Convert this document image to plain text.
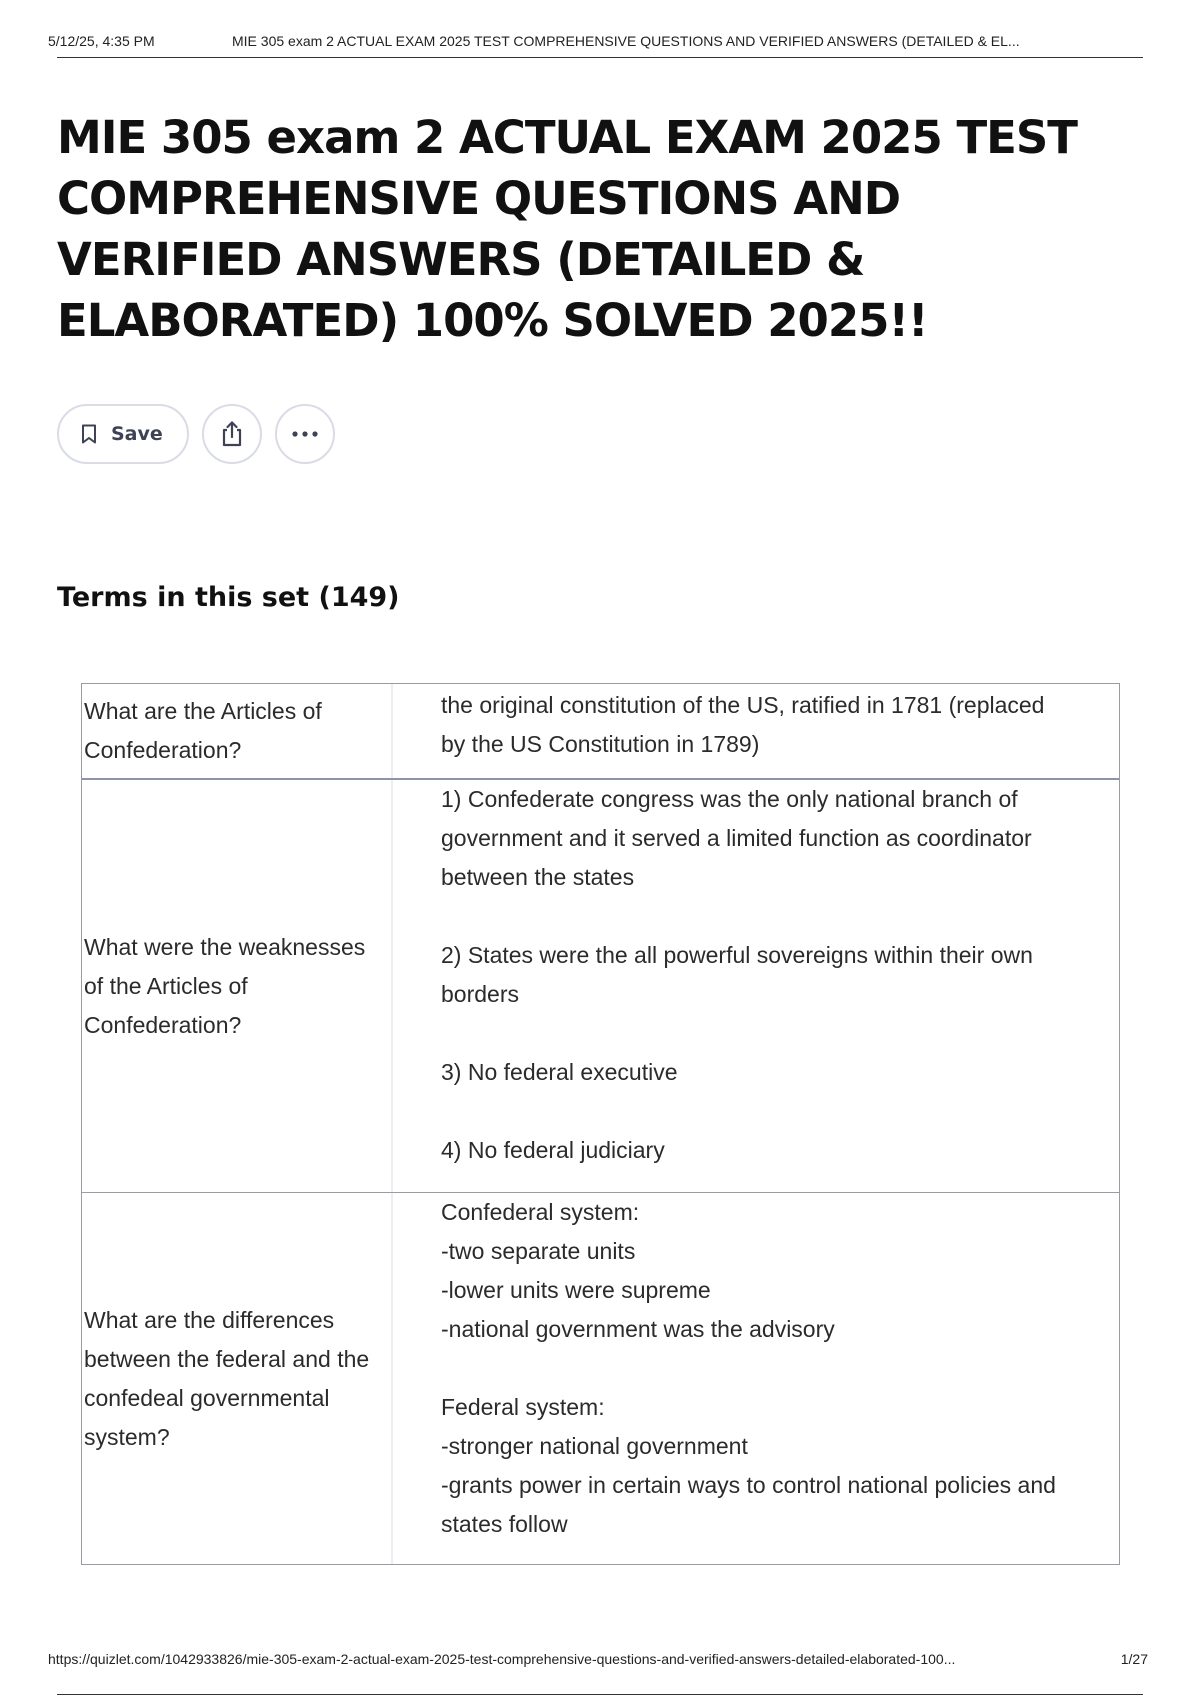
5/12/25, 4:35 PM	MIE 305 exam 2 ACTUAL EXAM 2025 TEST COMPREHENSIVE QUESTIONS AND VERIFIED ANSWERS (DETAILED & EL...
MIE 305 exam 2 ACTUAL EXAM 2025 TEST COMPREHENSIVE QUESTIONS AND VERIFIED ANSWERS (DETAILED & ELABORATED) 100% SOLVED 2025!!
Save
Terms in this set (149)
What are the Articles of Confederation?
the original constitution of the US, ratified in 1781 (replaced by the US Constitution in 1789)
What were the weaknesses of the Articles of Confederation?
1) Confederate congress was the only national branch of government and it served a limited function as coordinator between the states

2) States were the all powerful sovereigns within their own borders

3) No federal executive

4) No federal judiciary
What are the differences between the federal and the confedeal governmental system?
Confederal system:
-two separate units
-lower units were supreme
-national government was the advisory

Federal system:
-stronger national government
-grants power in certain ways to control national policies and states follow
https://quizlet.com/1042933826/mie-305-exam-2-actual-exam-2025-test-comprehensive-questions-and-verified-answers-detailed-elaborated-100...	1/27
